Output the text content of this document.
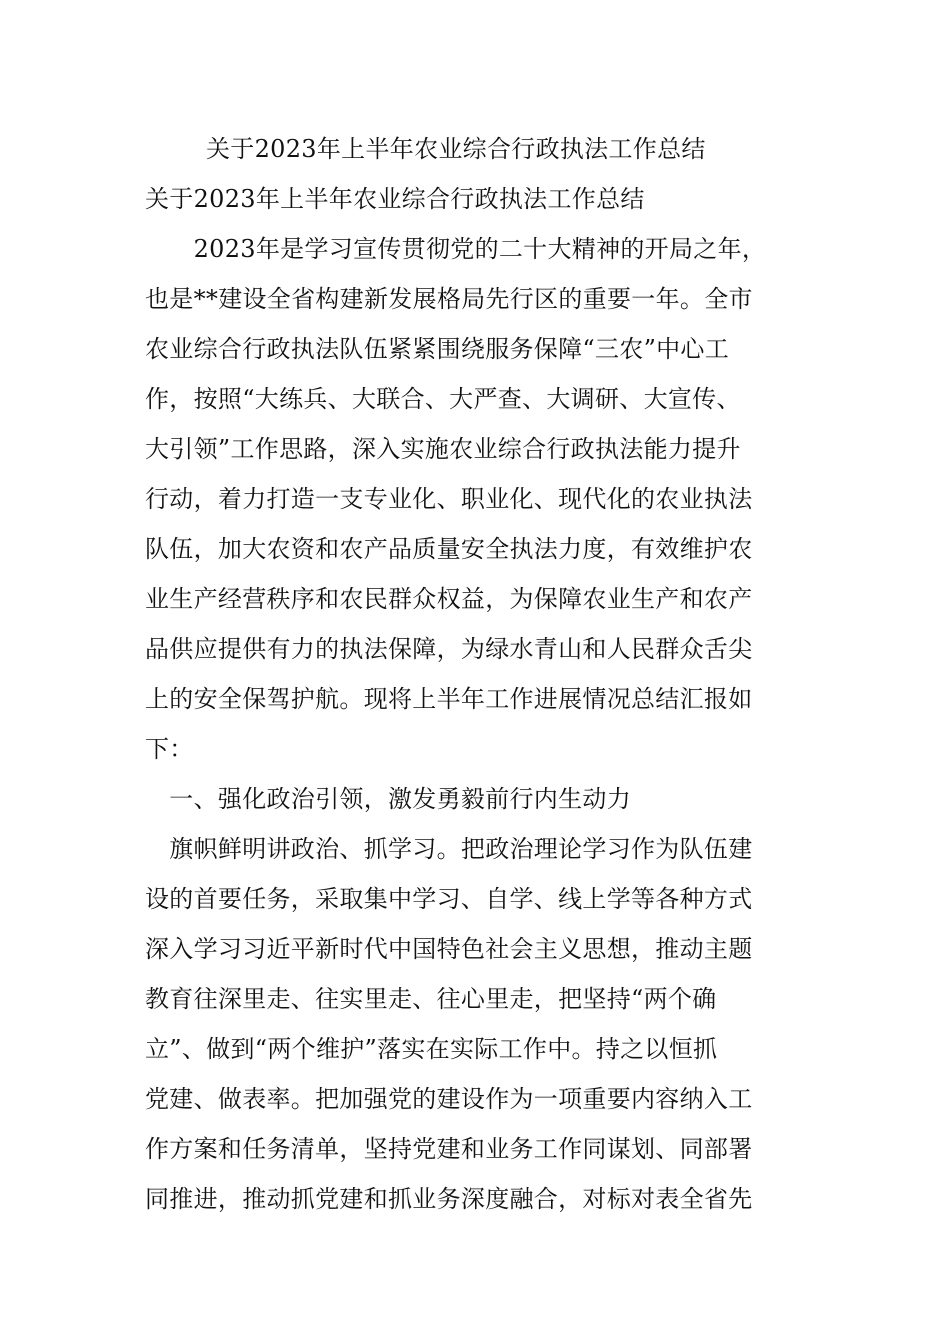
关于2023年上半年农业综合行政执法工作总结
关于2023年上半年农业综合行政执法工作总结
　　2023年是学习宣传贯彻党的二十大精神的开局之年，
也是**建设全省构建新发展格局先行区的重要一年。全市
农业综合行政执法队伍紧紧围绕服务保障“三农”中心工
作，按照“大练兵、大联合、大严查、大调研、大宣传、
大引领”工作思路，深入实施农业综合行政执法能力提升
行动，着力打造一支专业化、职业化、现代化的农业执法
队伍，加大农资和农产品质量安全执法力度，有效维护农
业生产经营秩序和农民群众权益，为保障农业生产和农产
品供应提供有力的执法保障，为绿水青山和人民群众舌尖
上的安全保驾护航。现将上半年工作进展情况总结汇报如
下：
　一、强化政治引领，激发勇毅前行内生动力
　旗帜鲜明讲政治、抓学习。把政治理论学习作为队伍建
设的首要任务，采取集中学习、自学、线上学等各种方式
深入学习习近平新时代中国特色社会主义思想，推动主题
教育往深里走、往实里走、往心里走，把坚持“两个确
立”、做到“两个维护”落实在实际工作中。持之以恒抓
党建、做表率。把加强党的建设作为一项重要内容纳入工
作方案和任务清单，坚持党建和业务工作同谋划、同部署
同推进，推动抓党建和抓业务深度融合，对标对表全省先
